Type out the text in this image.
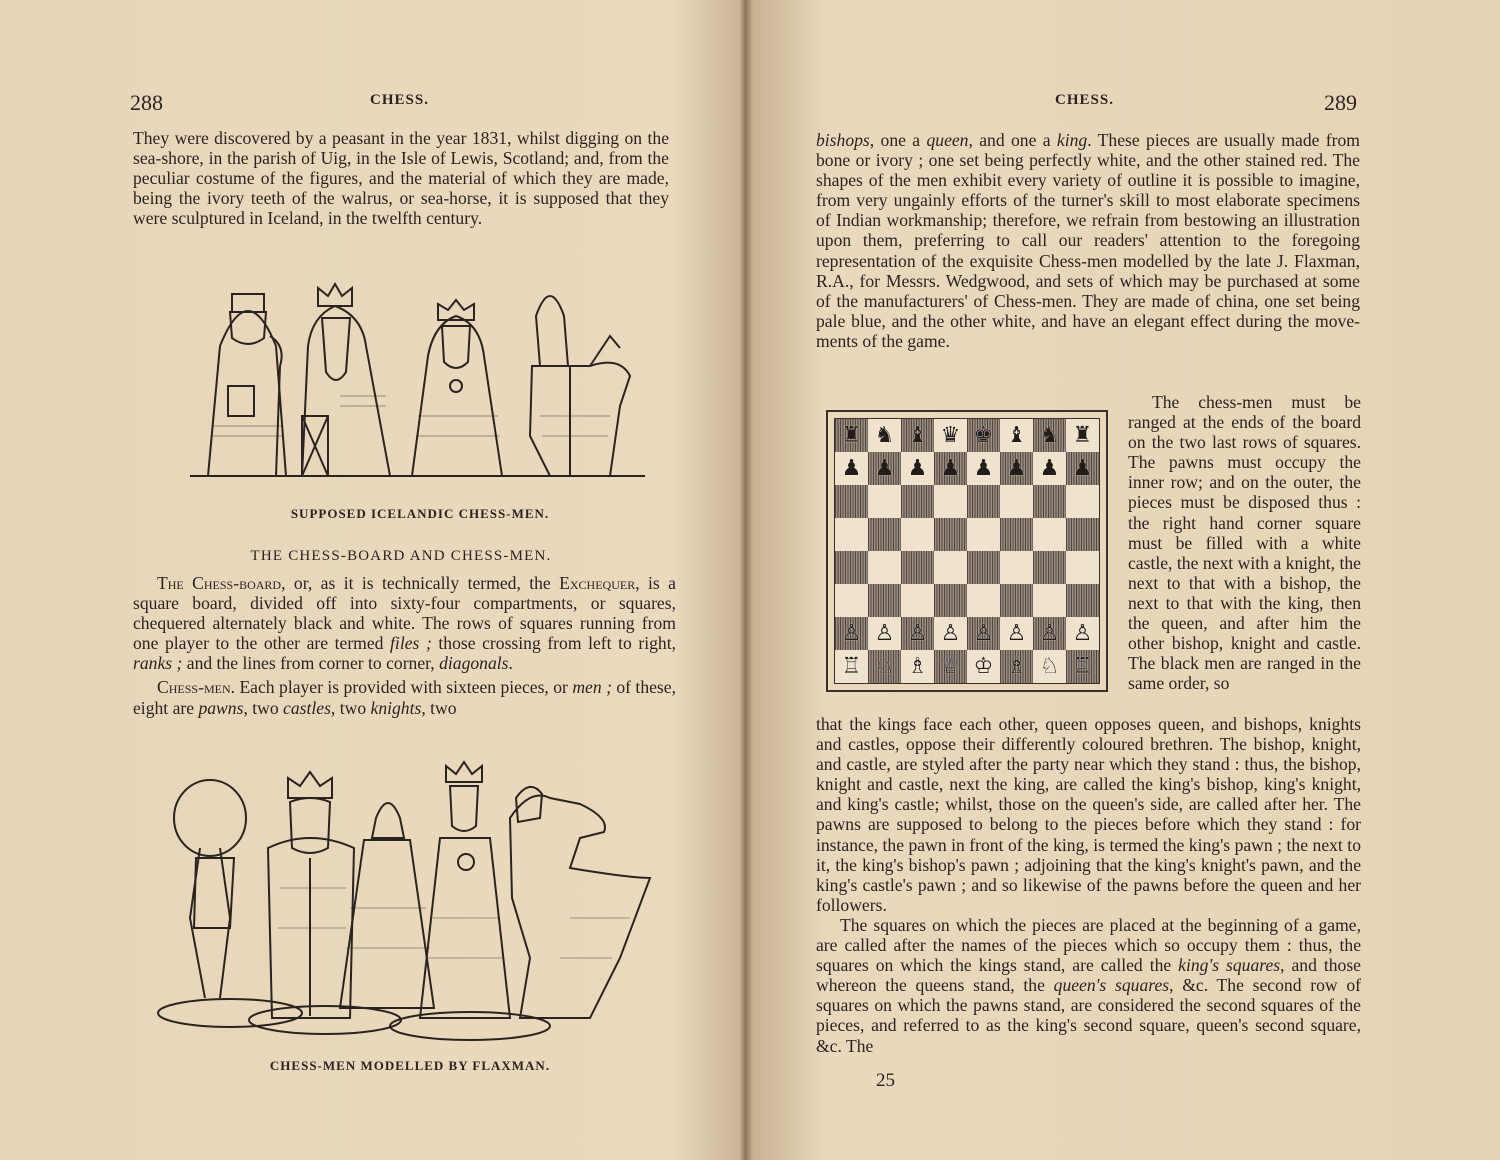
288	CHESS.

They were discovered by a peasant in the year 1831, whilst digging on the sea-shore, in the parish of Uig, in the Isle of Lewis, Scotland; and, from the peculiar costume of the figures, and the material of which they are made, being the ivory teeth of the walrus, or sea-horse, it is supposed that they were sculptured in Iceland, in the twelfth century.

SUPPOSED ICELANDIC CHESS-MEN.
THE CHESS-BOARD AND CHESS-MEN.

The Chess-board, or, as it is technically termed, the Exchequer, is a square board, divided off into sixty-four compartments, or squares, chequered alternately black and white. The rows of squares running from one player to the other are termed files ; those crossing from left to right, ranks ; and the lines from corner to corner, diagonals.

Chess-men. Each player is provided with sixteen pieces, or men ; of these, eight are pawns, two castles, two knights, two

CHESS-MEN MODELLED BY FLAXMAN.
CHESS.	289

bishops, one a queen, and one a king. These pieces are usually made from bone or ivory ; one set being perfectly white, and the other stained red. The shapes of the men exhibit every variety of outline it is possible to imagine, from very ungainly efforts of the turner's skill to most elaborate specimens of Indian workmanship; therefore, we refrain from bestowing an illustration upon them, preferring to call our readers' attention to the foregoing representation of the exquisite Chess-men modelled by the late J. Flaxman, R.A., for Messrs. Wedgwood, and sets of which may be purchased at some of the manufacturers' of Chess-men. They are made of china, one set being pale blue, and the other white, and have an elegant effect during the movements of the game.

♜ ♞ ♝ ♛ ♚ ♝ ♞ ♜
♟ ♟ ♟ ♟ ♟ ♟ ♟ ♟
♙ ♙ ♙ ♙ ♙ ♙ ♙ ♙
♖ ♘ ♗ ♕ ♔ ♗ ♘ ♖

The chess-men must be ranged at the ends of the board on the two last rows of squares. The pawns must occupy the inner row; and on the outer, the pieces must be disposed thus : the right hand corner square must be filled with a white castle, the next with a knight, the next to that with a bishop, the next to that with the king, then the queen, and after him the other bishop, knight and castle. The black men are ranged in the same order, so

that the kings face each other, queen opposes queen, and bishops, knights and castles, oppose their differently coloured brethren. The bishop, knight, and castle, are styled after the party near which they stand : thus, the bishop, knight and castle, next the king, are called the king's bishop, king's knight, and king's castle; whilst, those on the queen's side, are called after her. The pawns are supposed to belong to the pieces before which they stand : for instance, the pawn in front of the king, is termed the king's pawn ; the next to it, the king's bishop's pawn ; adjoining that the king's knight's pawn, and the king's castle's pawn ; and so likewise of the pawns before the queen and her followers.

The squares on which the pieces are placed at the beginning of a game, are called after the names of the pieces which so occupy them : thus, the squares on which the kings stand, are called the king's squares, and those whereon the queens stand, the queen's squares, &c. The second row of squares on which the pawns stand, are considered the second squares of the pieces, and referred to as the king's second square, queen's second square, &c. The

25
